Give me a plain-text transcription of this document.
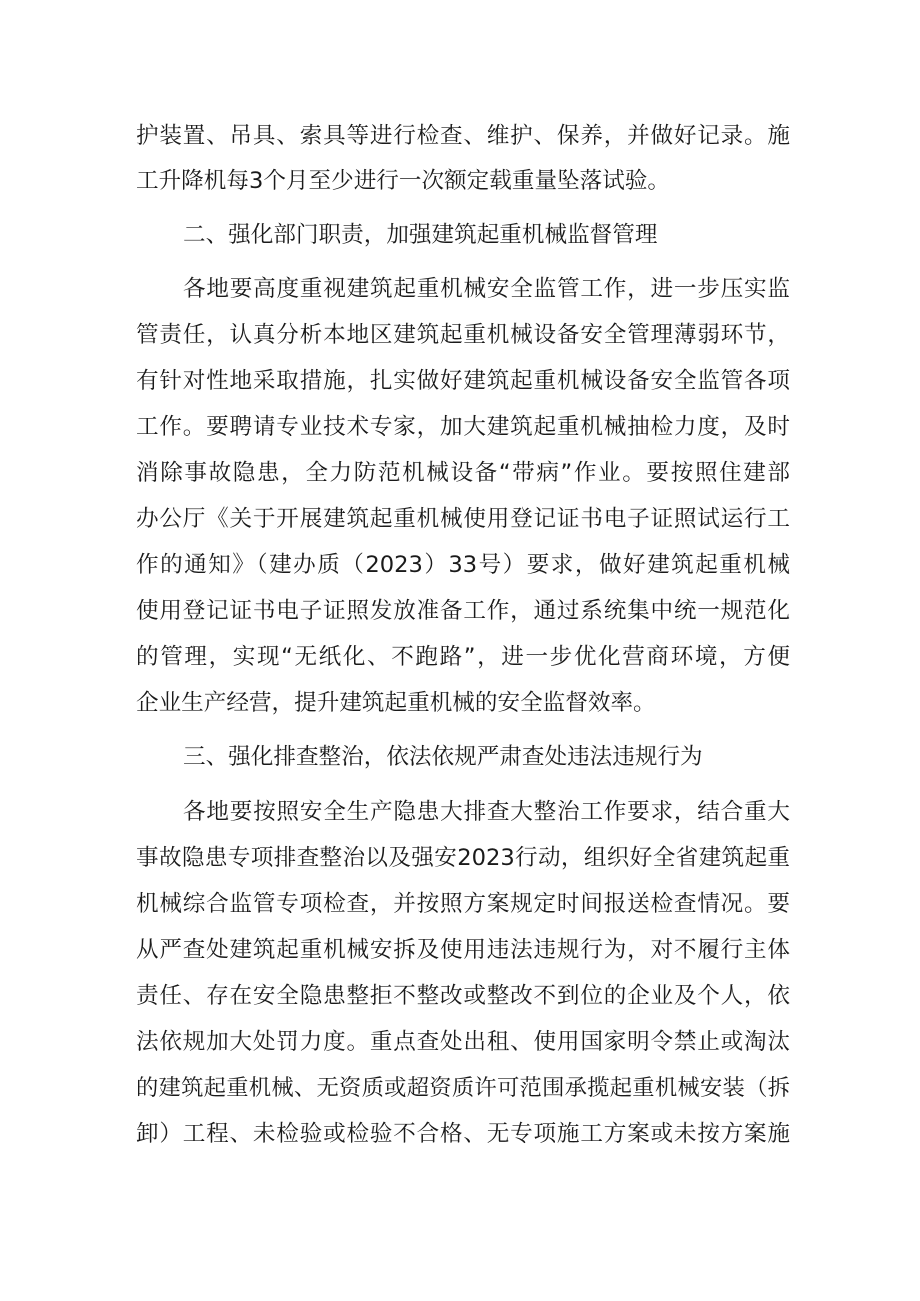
护装置、吊具、索具等进行检查、维护、保养，并做好记录。施
工升降机每3个月至少进行一次额定载重量坠落试验。
二、强化部门职责，加强建筑起重机械监督管理
各地要高度重视建筑起重机械安全监管工作，进一步压实监
管责任，认真分析本地区建筑起重机械设备安全管理薄弱环节，
有针对性地采取措施，扎实做好建筑起重机械设备安全监管各项
工作。要聘请专业技术专家，加大建筑起重机械抽检力度，及时
消除事故隐患，全力防范机械设备“带病”作业。要按照住建部
办公厅《关于开展建筑起重机械使用登记证书电子证照试运行工
作的通知》（建办质（2023）33号）要求，做好建筑起重机械
使用登记证书电子证照发放准备工作，通过系统集中统一规范化
的管理，实现“无纸化、不跑路”，进一步优化营商环境，方便
企业生产经营，提升建筑起重机械的安全监督效率。
三、强化排查整治，依法依规严肃查处违法违规行为
各地要按照安全生产隐患大排查大整治工作要求，结合重大
事故隐患专项排查整治以及强安2023行动，组织好全省建筑起重
机械综合监管专项检查，并按照方案规定时间报送检查情况。要
从严查处建筑起重机械安拆及使用违法违规行为，对不履行主体
责任、存在安全隐患整拒不整改或整改不到位的企业及个人，依
法依规加大处罚力度。重点查处出租、使用国家明令禁止或淘汰
的建筑起重机械、无资质或超资质许可范围承揽起重机械安装（拆
卸）工程、未检验或检验不合格、无专项施工方案或未按方案施
